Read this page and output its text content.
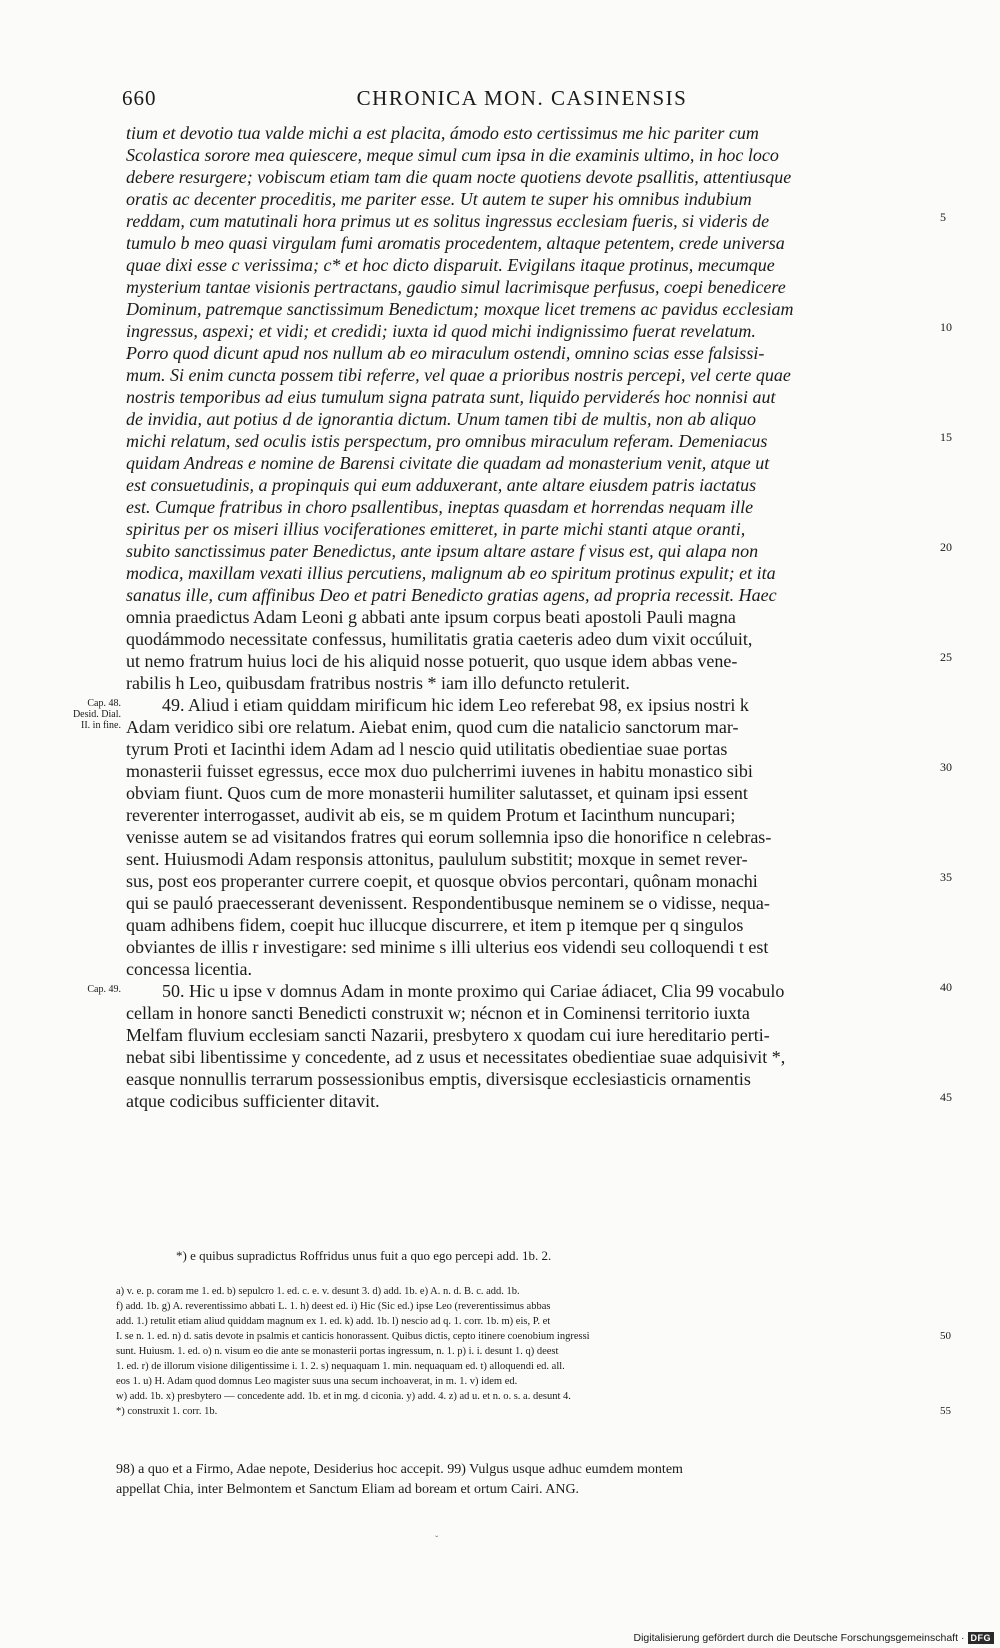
660	CHRONICA MON. CASINENSIS
tium et devotio tua valde michi a est placita, ámodo esto certissimus me hic pariter cum
Scolastica sorore mea quiescere, meque simul cum ipsa in die examinis ultimo, in hoc loco
debere resurgere; vobiscum etiam tam die quam nocte quotiens devote psallitis, attentiusque
oratis ac decenter proceditis, me pariter esse. Ut autem te super his omnibus indubium
reddam, cum matutinali hora primus ut es solitus ingressus ecclesiam fueris, si videris de
tumulo b meo quasi virgulam fumi aromatis procedentem, altaque petentem, crede universa
quae dixi esse c verissima; c* et hoc dicto disparuit. Evigilans itaque protinus, mecumque
mysterium tantae visionis pertractans, gaudio simul lacrimisque perfusus, coepi benedicere
Dominum, patremque sanctissimum Benedictum; moxque licet tremens ac pavidus ecclesiam
ingressus, aspexi; et vidi; et credidi; iuxta id quod michi indignissimo fuerat revelatum.
Porro quod dicunt apud nos nullum ab eo miraculum ostendi, omnino scias esse falsissi-
mum. Si enim cuncta possem tibi referre, vel quae a prioribus nostris percepi, vel certe quae
nostris temporibus ad eius tumulum signa patrata sunt, liquido perviderés hoc nonnisi aut
de invidia, aut potius d de ignorantia dictum. Unum tamen tibi de multis, non ab aliquo
michi relatum, sed oculis istis perspectum, pro omnibus miraculum referam. Demeniacus
quidam Andreas e nomine de Barensi civitate die quadam ad monasterium venit, atque ut
est consuetudinis, a propinquis qui eum adduxerant, ante altare eiusdem patris iactatus
est. Cumque fratribus in choro psallentibus, ineptas quasdam et horrendas nequam ille
spiritus per os miseri illius vociferationes emitteret, in parte michi stanti atque oranti,
subito sanctissimus pater Benedictus, ante ipsum altare astare f visus est, qui alapa non
modica, maxillam vexati illius percutiens, malignum ab eo spiritum protinus expulit; et ita
sanatus ille, cum affinibus Deo et patri Benedicto gratias agens, ad propria recessit. Haec
omnia praedictus Adam Leoni g abbati ante ipsum corpus beati apostoli Pauli magna
quodámmodo necessitate confessus, humilitatis gratia caeteris adeo dum vixit occúluit,
ut nemo fratrum huius loci de his aliquid nosse potuerit, quo usque idem abbas vene-
rabilis h Leo, quibusdam fratribus nostris * iam illo defuncto retulerit.
49. Aliud i etiam quiddam mirificum hic idem Leo referebat 98, ex ipsius nostri k
Adam veridico sibi ore relatum. Aiebat enim, quod cum die natalicio sanctorum mar-
tyrum Proti et Iacinthi idem Adam ad l nescio quid utilitatis obedientiae suae portas
monasterii fuisset egressus, ecce mox duo pulcherrimi iuvenes in habitu monastico sibi
obviam fiunt. Quos cum de more monasterii humiliter salutasset, et quinam ipsi essent
reverenter interrogasset, audivit ab eis, se m quidem Protum et Iacinthum nuncupari;
venisse autem se ad visitandos fratres qui eorum sollemnia ipso die honorifice n celebras-
sent. Huiusmodi Adam responsis attonitus, paululum substitit; moxque in semet rever-
sus, post eos properanter currere coepit, et quosque obvios percontari, quônam monachi
qui se pauló praecesserant devenissent. Respondentibusque neminem se o vidisse, nequa-
quam adhibens fidem, coepit huc illucque discurrere, et item p itemque per q singulos
obviantes de illis r investigare: sed minime s illi ulterius eos videndi seu colloquendi t est
concessa licentia.
50. Hic u ipse v domnus Adam in monte proximo qui Cariae ádiacet, Clia 99 vocabulo
cellam in honore sancti Benedicti construxit w; nécnon et in Cominensi territorio iuxta
Melfam fluvium ecclesiam sancti Nazarii, presbytero x quodam cui iure hereditario perti-
nebat sibi libentissime y concedente, ad z usus et necessitates obedientiae suae adquisivit *,
easque nonnullis terrarum possessionibus emptis, diversisque ecclesiasticis ornamentis
atque codicibus sufficienter ditavit.
5
10
15
20
25
30
35
40
45
Cap. 48.
Desid. Dial.
II. in fine.
Cap. 49.
50
55
*) e quibus supradictus Roffridus unus fuit a quo ego percepi add. 1b. 2.
a) v. e. p. coram me 1. ed. b) sepulcro 1. ed. c. e. v. desunt 3. d) add. 1b. e) A. n. d. B. c. add. 1b.
f) add. 1b. g) A. reverentissimo abbati L. 1. h) deest ed. i) Hic (Sic ed.) ipse Leo (reverentissimus abbas
add. 1.) retulit etiam aliud quiddam magnum ex 1. ed. k) add. 1b. l) nescio ad q. 1. corr. 1b. m) eis, P. et
I. se n. 1. ed. n) d. satis devote in psalmis et canticis honorassent. Quibus dictis, cepto itinere coenobium ingressi
sunt. Huiusm. 1. ed. o) n. visum eo die ante se monasterii portas ingressum, n. 1. p) i. i. desunt 1. q) deest
1. ed. r) de illorum visione diligentissime i. 1. 2. s) nequaquam 1. min. nequaquam ed. t) alloquendi ed. all.
eos 1. u) H. Adam quod domnus Leo magister suus una secum inchoaverat, in m. 1. v) idem ed.
w) add. 1b. x) presbytero — concedente add. 1b. et in mg. d ciconia. y) add. 4. z) ad u. et n. o. s. a. desunt 4.
*) construxit 1. corr. 1b.
98) a quo et a Firmo, Adae nepote, Desiderius hoc accepit. 99) Vulgus usque adhuc eumdem montem
appellat Chia, inter Belmontem et Sanctum Eliam ad boream et ortum Cairi. ANG.
ˇ
Digitalisierung gefördert durch die Deutsche Forschungsgemeinschaft · DFG
